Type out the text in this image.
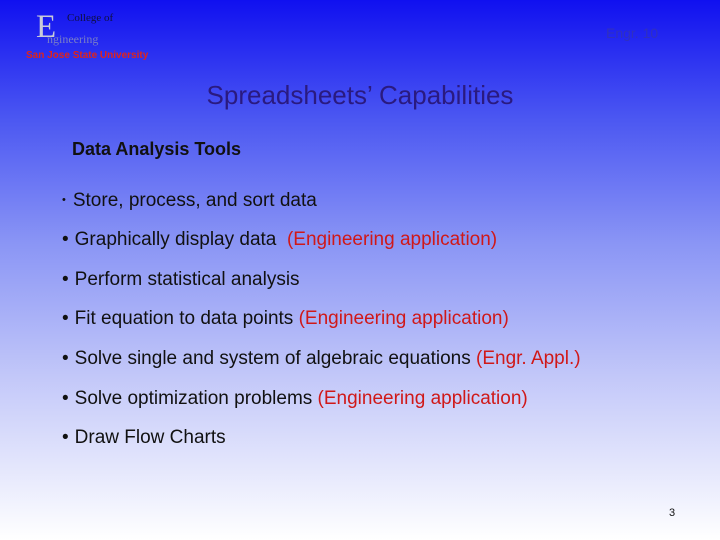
E College of
ngineering
San Jose State University
Engr. 10
Spreadsheets’ Capabilities
Data Analysis Tools
• Store, process, and sort data
• Graphically display data  (Engineering application)
• Perform statistical analysis
• Fit equation to data points (Engineering application)
• Solve single and system of algebraic equations (Engr. Appl.)
• Solve optimization problems (Engineering application)
• Draw Flow Charts
3
